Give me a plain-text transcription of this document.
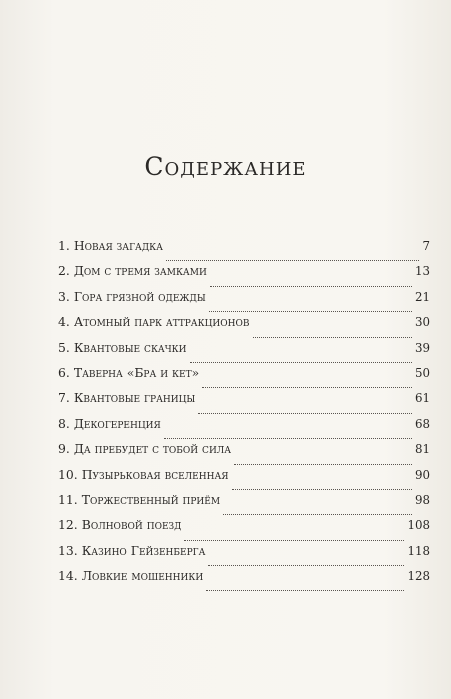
Содержание
1. Новая загадка	7
2. Дом с тремя замками	13
3. Гора грязной одежды	21
4. Атомный парк аттракционов	30
5. Квантовые скачки	39
6. Таверна «Бра и кет»	50
7. Квантовые границы	61
8. Декогеренция	68
9. Да пребудет с тобой сила	81
10. Пузырьковая вселенная	90
11. Торжественный приём	98
12. Волновой поезд	108
13. Казино Гейзенберга	118
14. Ловкие мошенники	128
